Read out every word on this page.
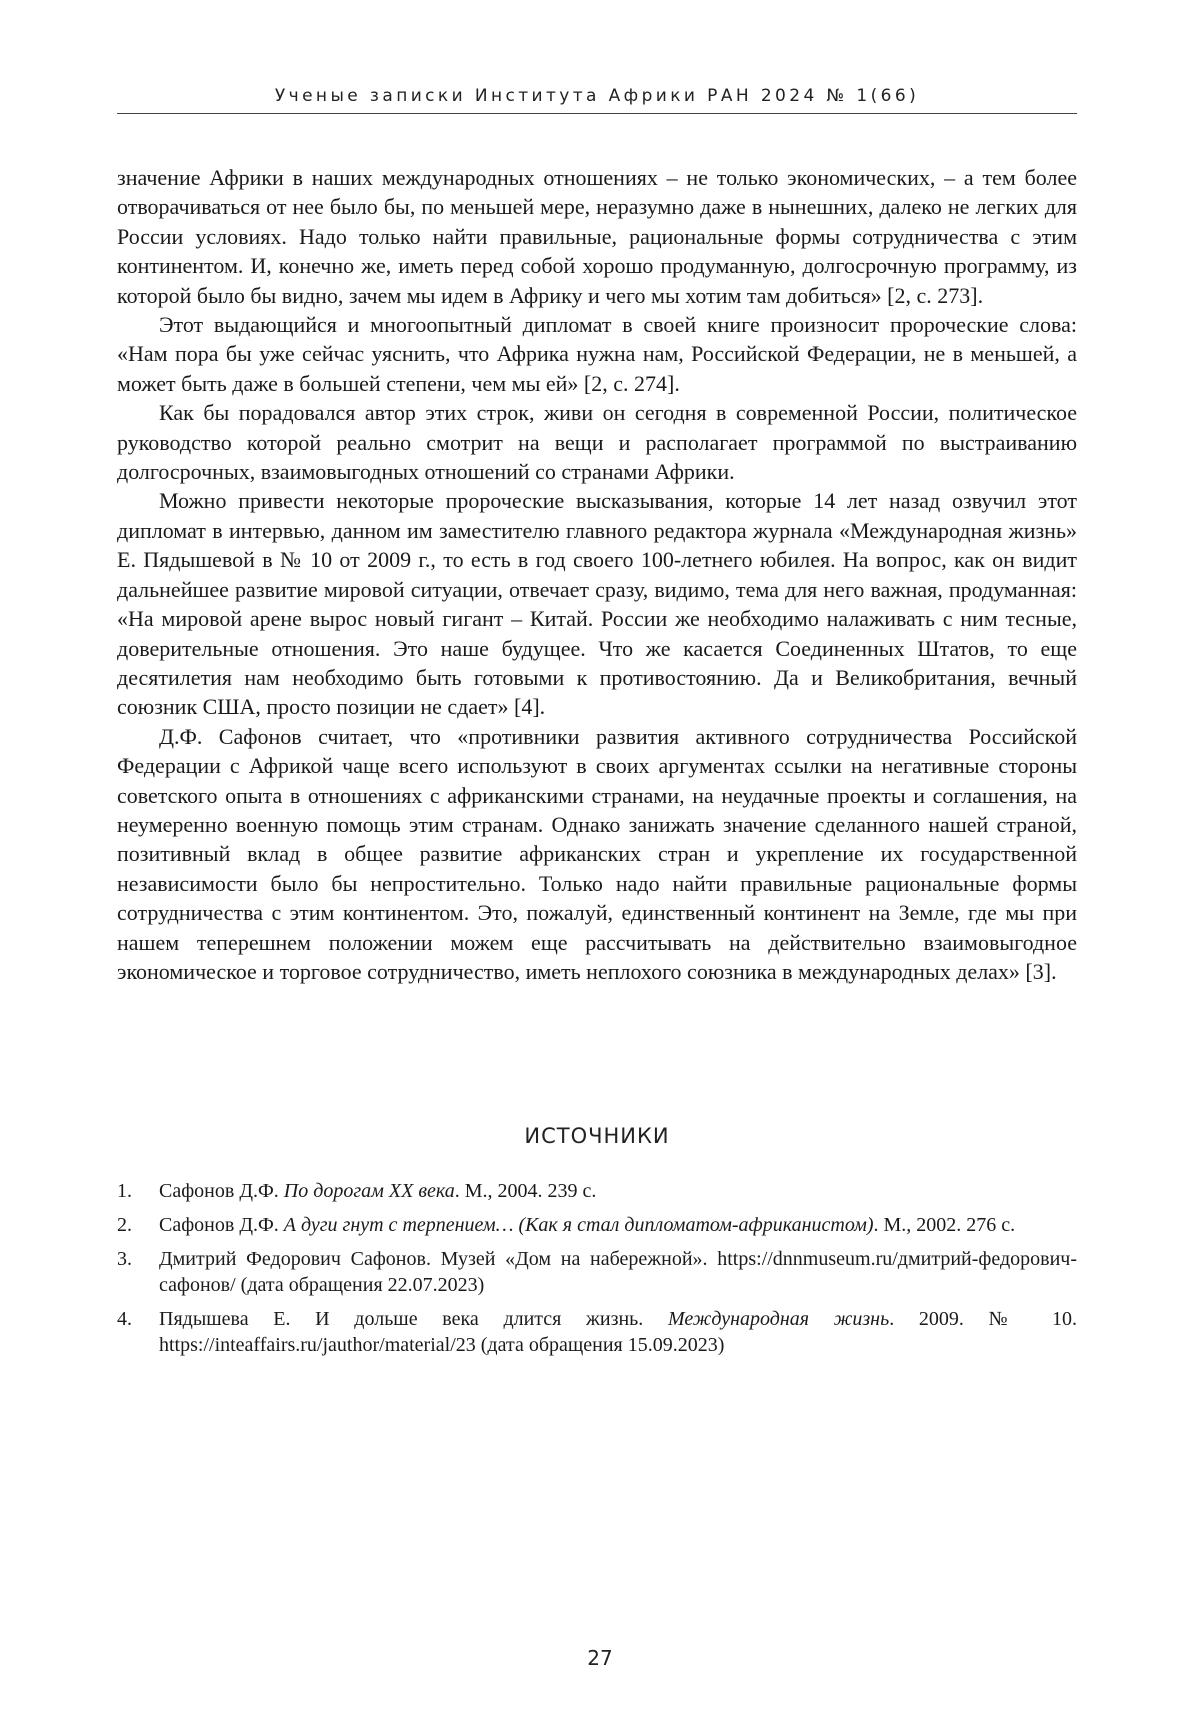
Ученые записки Института Африки РАН 2024 № 1(66)

значение Африки в наших международных отношениях – не только экономических, – а тем более отворачиваться от нее было бы, по меньшей мере, неразумно даже в нынешних, далеко не легких для России условиях. Надо только найти правильные, рациональные формы сотрудничества с этим континентом. И, конечно же, иметь перед собой хорошо продуманную, долгосрочную программу, из которой было бы видно, зачем мы идем в Африку и чего мы хотим там добиться» [2, с. 273].

Этот выдающийся и многоопытный дипломат в своей книге произносит пророческие слова: «Нам пора бы уже сейчас уяснить, что Африка нужна нам, Российской Федерации, не в меньшей, а может быть даже в большей степени, чем мы ей» [2, с. 274].

Как бы порадовался автор этих строк, живи он сегодня в современной России, политическое руководство которой реально смотрит на вещи и располагает программой по выстраиванию долгосрочных, взаимовыгодных отношений со странами Африки.

Можно привести некоторые пророческие высказывания, которые 14 лет назад озвучил этот дипломат в интервью, данном им заместителю главного редактора журнала «Международная жизнь» Е. Пядышевой в № 10 от 2009 г., то есть в год своего 100-летнего юбилея. На вопрос, как он видит дальнейшее развитие мировой ситуации, отвечает сразу, видимо, тема для него важная, продуманная: «На мировой арене вырос новый гигант – Китай. России же необходимо налаживать с ним тесные, доверительные отношения. Это наше будущее. Что же касается Соединенных Штатов, то еще десятилетия нам необходимо быть готовыми к противостоянию. Да и Великобритания, вечный союзник США, просто позиции не сдает» [4].

Д.Ф. Сафонов считает, что «противники развития активного сотрудничества Российской Федерации с Африкой чаще всего используют в своих аргументах ссылки на негативные стороны советского опыта в отношениях с африканскими странами, на неудачные проекты и соглашения, на неумеренно военную помощь этим странам. Однако занижать значение сделанного нашей страной, позитивный вклад в общее развитие африканских стран и укрепление их государственной независимости было бы непростительно. Только надо найти правильные рациональные формы сотрудничества с этим континентом. Это, пожалуй, единственный континент на Земле, где мы при нашем теперешнем положении можем еще рассчитывать на действительно взаимовыгодное экономическое и торговое сотрудничество, иметь неплохого союзника в международных делах» [3].

ИСТОЧНИКИ
1.	Сафонов Д.Ф. По дорогам ХХ века. М., 2004. 239 с.
2.	Сафонов Д.Ф. А дуги гнут с терпением… (Как я стал дипломатом-африканистом). М., 2002. 276 с.
3.	Дмитрий Федорович Сафонов. Музей «Дом на набережной». https://dnnmuseum.ru/дмитрий-федорович-сафонов/ (дата обращения 22.07.2023)
4.	Пядышева Е. И дольше века длится жизнь. Международная жизнь. 2009. № 10. https://inteaffairs.ru/jauthor/material/23 (дата обращения 15.09.2023)
27
